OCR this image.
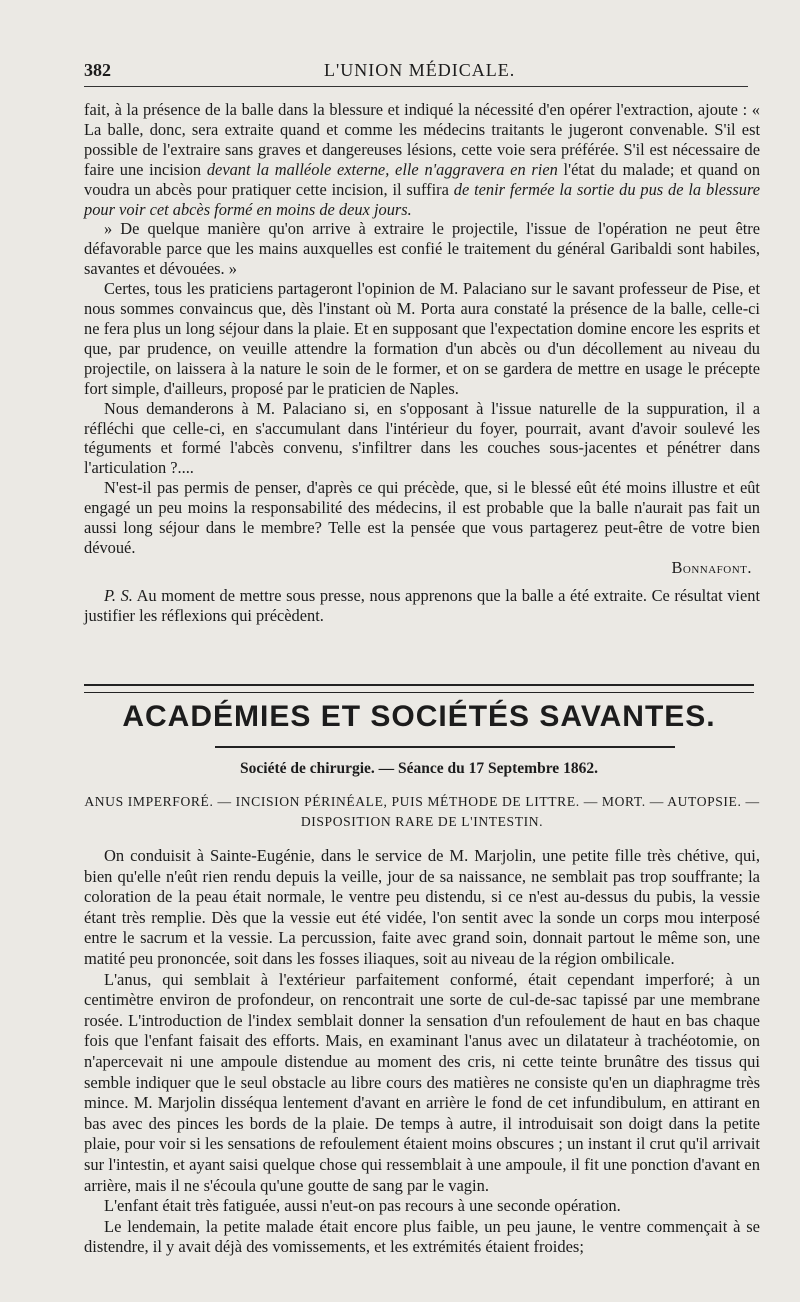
382	L'UNION MÉDICALE.

fait, à la présence de la balle dans la blessure et indiqué la nécessité d'en opérer l'extraction, ajoute : « La balle, donc, sera extraite quand et comme les médecins traitants le jugeront convenable. S'il est possible de l'extraire sans graves et dangereuses lésions, cette voie sera préférée. S'il est nécessaire de faire une incision devant la malléole externe, elle n'aggravera en rien l'état du malade; et quand on voudra un abcès pour pratiquer cette incision, il suffira de tenir fermée la sortie du pus de la blessure pour voir cet abcès formé en moins de deux jours.

» De quelque manière qu'on arrive à extraire le projectile, l'issue de l'opération ne peut être défavorable parce que les mains auxquelles est confié le traitement du général Garibaldi sont habiles, savantes et dévouées. »

Certes, tous les praticiens partageront l'opinion de M. Palaciano sur le savant professeur de Pise, et nous sommes convaincus que, dès l'instant où M. Porta aura constaté la présence de la balle, celle-ci ne fera plus un long séjour dans la plaie. Et en supposant que l'expectation domine encore les esprits et que, par prudence, on veuille attendre la formation d'un abcès ou d'un décollement au niveau du projectile, on laissera à la nature le soin de le former, et on se gardera de mettre en usage le précepte fort simple, d'ailleurs, proposé par le praticien de Naples.

Nous demanderons à M. Palaciano si, en s'opposant à l'issue naturelle de la suppuration, il a réfléchi que celle-ci, en s'accumulant dans l'intérieur du foyer, pourrait, avant d'avoir soulevé les téguments et formé l'abcès convenu, s'infiltrer dans les couches sous-jacentes et pénétrer dans l'articulation ?....

N'est-il pas permis de penser, d'après ce qui précède, que, si le blessé eût été moins illustre et eût engagé un peu moins la responsabilité des médecins, il est probable que la balle n'aurait pas fait un aussi long séjour dans le membre? Telle est la pensée que vous partagerez peut-être de votre bien dévoué.

Bonnafont.

P. S. Au moment de mettre sous presse, nous apprenons que la balle a été extraite. Ce résultat vient justifier les réflexions qui précèdent.

ACADÉMIES ET SOCIÉTÉS SAVANTES.
Société de chirurgie. — Séance du 17 Septembre 1862.
ANUS IMPERFORÉ. — INCISION PÉRINÉALE, PUIS MÉTHODE DE LITTRE. — MORT. — AUTOPSIE. — DISPOSITION RARE DE L'INTESTIN.

On conduisit à Sainte-Eugénie, dans le service de M. Marjolin, une petite fille très chétive, qui, bien qu'elle n'eût rien rendu depuis la veille, jour de sa naissance, ne semblait pas trop souffrante; la coloration de la peau était normale, le ventre peu distendu, si ce n'est au-dessus du pubis, la vessie étant très remplie. Dès que la vessie eut été vidée, l'on sentit avec la sonde un corps mou interposé entre le sacrum et la vessie. La percussion, faite avec grand soin, donnait partout le même son, une matité peu prononcée, soit dans les fosses iliaques, soit au niveau de la région ombilicale.

L'anus, qui semblait à l'extérieur parfaitement conformé, était cependant imperforé; à un centimètre environ de profondeur, on rencontrait une sorte de cul-de-sac tapissé par une membrane rosée. L'introduction de l'index semblait donner la sensation d'un refoulement de haut en bas chaque fois que l'enfant faisait des efforts. Mais, en examinant l'anus avec un dilatateur à trachéotomie, on n'apercevait ni une ampoule distendue au moment des cris, ni cette teinte brunâtre des tissus qui semble indiquer que le seul obstacle au libre cours des matières ne consiste qu'en un diaphragme très mince. M. Marjolin disséqua lentement d'avant en arrière le fond de cet infundibulum, en attirant en bas avec des pinces les bords de la plaie. De temps à autre, il introduisait son doigt dans la petite plaie, pour voir si les sensations de refoulement étaient moins obscures ; un instant il crut qu'il arrivait sur l'intestin, et ayant saisi quelque chose qui ressemblait à une ampoule, il fit une ponction d'avant en arrière, mais il ne s'écoula qu'une goutte de sang par le vagin.

L'enfant était très fatiguée, aussi n'eut-on pas recours à une seconde opération.

Le lendemain, la petite malade était encore plus faible, un peu jaune, le ventre commençait à se distendre, il y avait déjà des vomissements, et les extrémités étaient froides;
